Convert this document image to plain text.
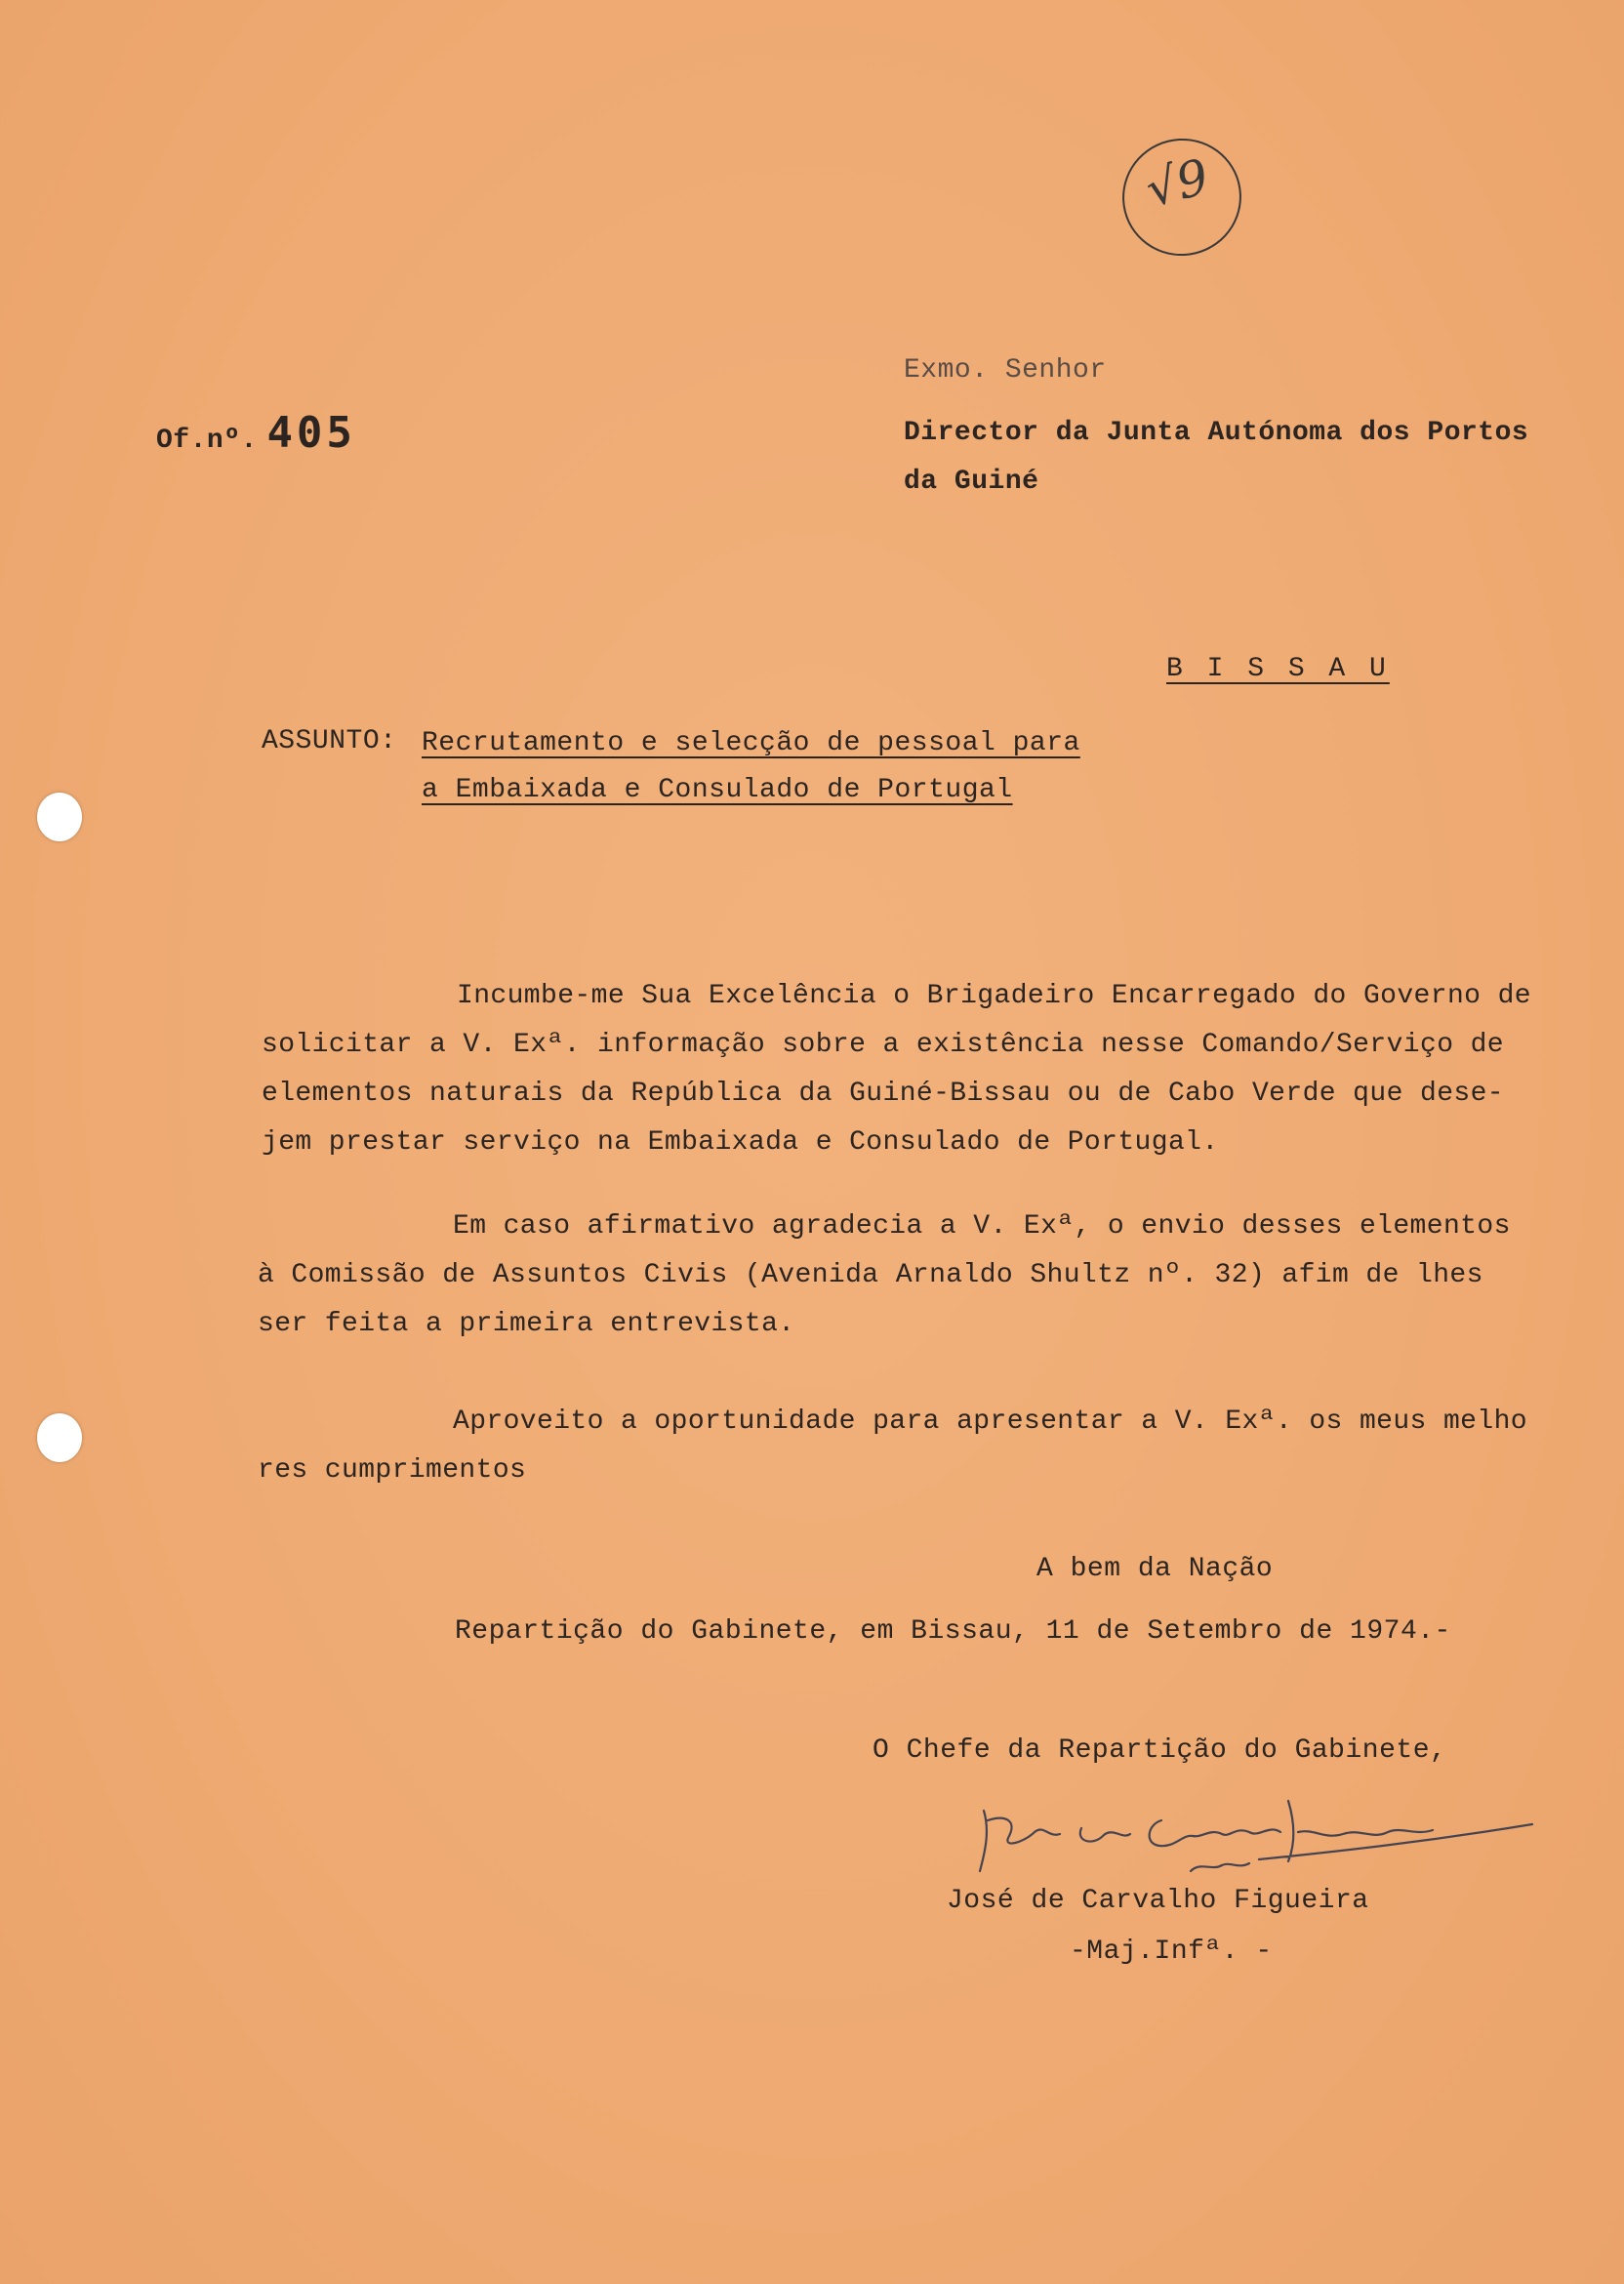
√9
Exmo. Senhor
Of.nº. 405	Director da Junta Autónoma dos Portos
da Guiné
B I S S A U
ASSUNTO: Recrutamento e selecção de pessoal para
a Embaixada e Consulado de Portugal
Incumbe-me Sua Excelência o Brigadeiro Encarregado do Governo de
solicitar a V. Exª. informação sobre a existência nesse Comando/Serviço de
elementos naturais da República da Guiné-Bissau ou de Cabo Verde que dese-
jem prestar serviço na Embaixada e Consulado de Portugal.
Em caso afirmativo agradecia a V. Exª, o envio desses elementos
à Comissão de Assuntos Civis (Avenida Arnaldo Shultz nº. 32) afim de lhes
ser feita a primeira entrevista.
Aproveito a oportunidade para apresentar a V. Exª. os meus melho
res cumprimentos
A bem da Nação
Repartição do Gabinete, em Bissau, 11 de Setembro de 1974.-
O Chefe da Repartição do Gabinete,
José de Carvalho Figueira
-Maj.Infª. -
